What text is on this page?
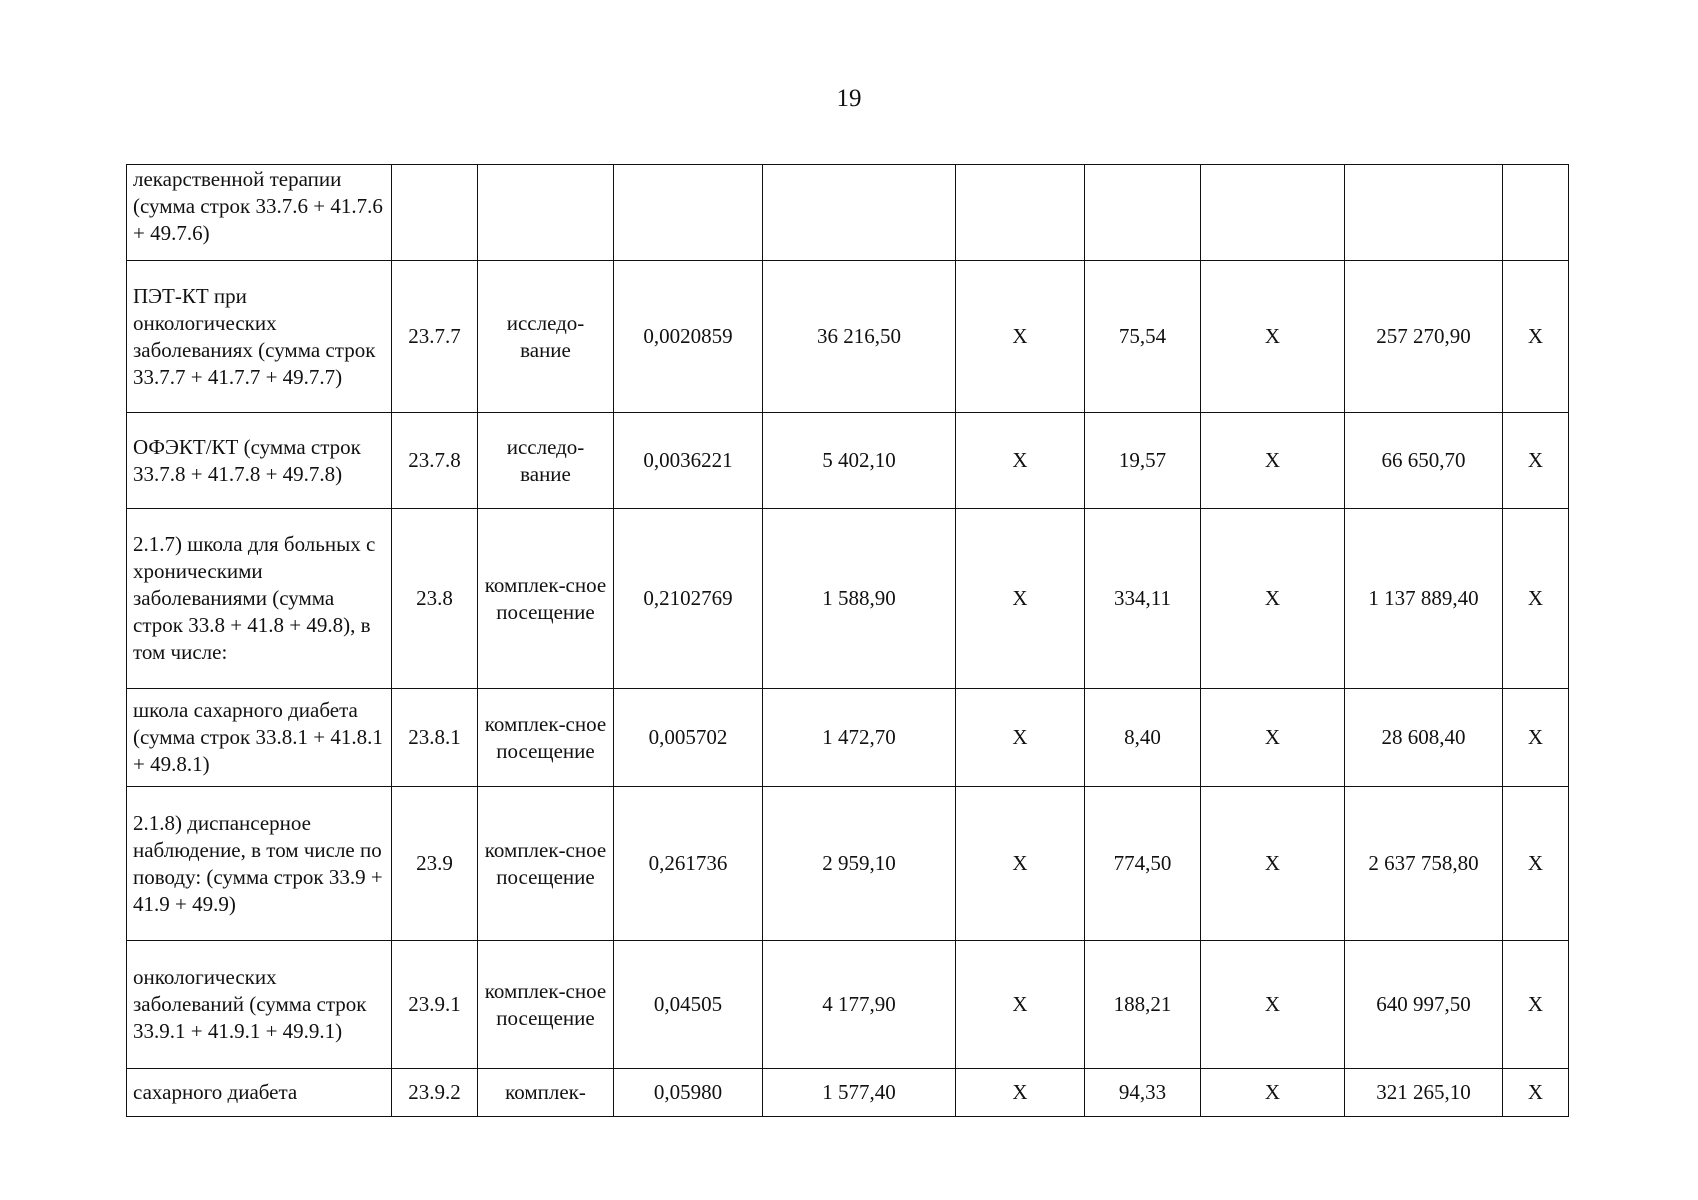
19
лекарственной терапии (сумма строк 33.7.6 + 41.7.6 + 49.7.6)									
ПЭТ-КТ при онкологических заболеваниях (сумма строк 33.7.7 + 41.7.7 + 49.7.7)	23.7.7	исследо-вание	0,0020859	36 216,50	X	75,54	X	257 270,90	X
ОФЭКТ/КТ (сумма строк 33.7.8 + 41.7.8 + 49.7.8)	23.7.8	исследо-вание	0,0036221	5 402,10	X	19,57	X	66 650,70	X
2.1.7) школа для больных с хроническими заболеваниями (сумма строк 33.8 + 41.8 + 49.8), в том числе:	23.8	комплек-сное посещение	0,2102769	1 588,90	X	334,11	X	1 137 889,40	X
школа сахарного диабета (сумма строк 33.8.1 + 41.8.1 + 49.8.1)	23.8.1	комплек-сное посещение	0,005702	1 472,70	X	8,40	X	28 608,40	X
2.1.8) диспансерное наблюдение, в том числе по поводу: (сумма строк 33.9 + 41.9 + 49.9)	23.9	комплек-сное посещение	0,261736	2 959,10	X	774,50	X	2 637 758,80	X
онкологических заболеваний (сумма строк 33.9.1 + 41.9.1 + 49.9.1)	23.9.1	комплек-сное посещение	0,04505	4 177,90	X	188,21	X	640 997,50	X
сахарного диабета	23.9.2	комплек-	0,05980	1 577,40	X	94,33	X	321 265,10	X
